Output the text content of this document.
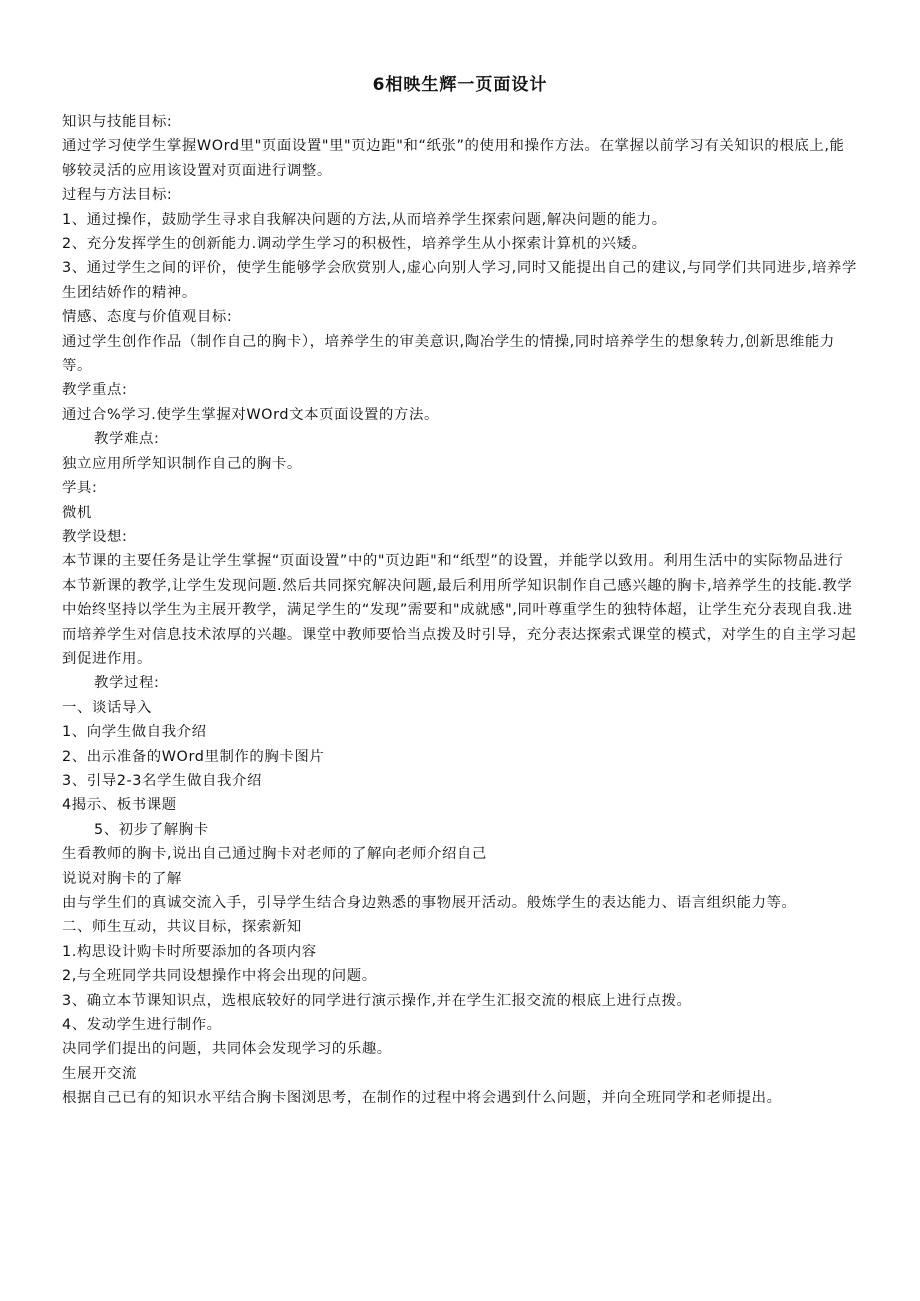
6相映生辉一页面设计

知识与技能目标:

通过学习使学生掌握WOrd里"页面设置"里"页边距"和“纸张”的使用和操作方法。在掌握以前学习有关知识的根底上,能够较灵活的应用该设置对页面进行调整。

过程与方法目标:

1、通过操作，鼓励学生寻求自我解决问题的方法,从而培养学生探索问题,解决问题的能力。

2、充分发挥学生的创新能力.调动学生学习的积极性，培养学生从小探索计算机的兴矮。

3、通过学生之间的评价，使学生能够学会欣赏别人,虚心向别人学习,同时又能提出自己的建议,与同学们共同进步,培养学生团结娇作的精神。

情感、态度与价值观目标:

通过学生创作作品（制作自己的胸卡），培养学生的审美意识,陶冶学生的情操,同时培养学生的想象转力,创新思维能力等。

教学重点:

通过合%学习.使学生掌握对WOrd文本页面设置的方法。

教学难点:

独立应用所学知识制作自己的胸卡。

学具:

微机

教学设想:

本节课的主要任务是让学生掌握“页面设置”中的"页边距"和“纸型”的设置，并能学以致用。利用生活中的实际物品进行本节新课的教学,让学生发现问题.然后共同探究解决问题,最后利用所学知识制作自己感兴趣的胸卡,培养学生的技能.教学中始终坚持以学生为主展开教学，满足学生的“发现”需要和"成就感",同叶尊重学生的独特体超，让学生充分表现自我.进而培养学生对信息技术浓厚的兴趣。课堂中教师要恰当点拨及时引导，充分表达探索式课堂的模式，对学生的自主学习起到促进作用。

教学过程:

一、谈话导入

1、向学生做自我介绍

2、出示准备的WOrd里制作的胸卡图片

3、引导2-3名学生做自我介绍

4揭示、板书课题

5、初步了解胸卡

生看教师的胸卡,说出自己通过胸卡对老师的了解向老师介绍自己

说说对胸卡的了解

由与学生们的真诚交流入手，引导学生结合身边熟悉的事物展开活动。般炼学生的表达能力、语言组织能力等。

二、师生互动，共议目标，探索新知

1.构思设计购卡时所要添加的各项内容

2,与全班同学共同设想操作中将会出现的问题。

3、确立本节课知识点，选根底较好的同学进行演示操作,并在学生汇报交流的根底上进行点拨。

4、发动学生进行制作。

决同学们提出的问题，共同体会发现学习的乐趣。

生展开交流

根据自己已有的知识水平结合胸卡图浏思考，在制作的过程中将会遇到什么问题，并向全班同学和老师提出。
